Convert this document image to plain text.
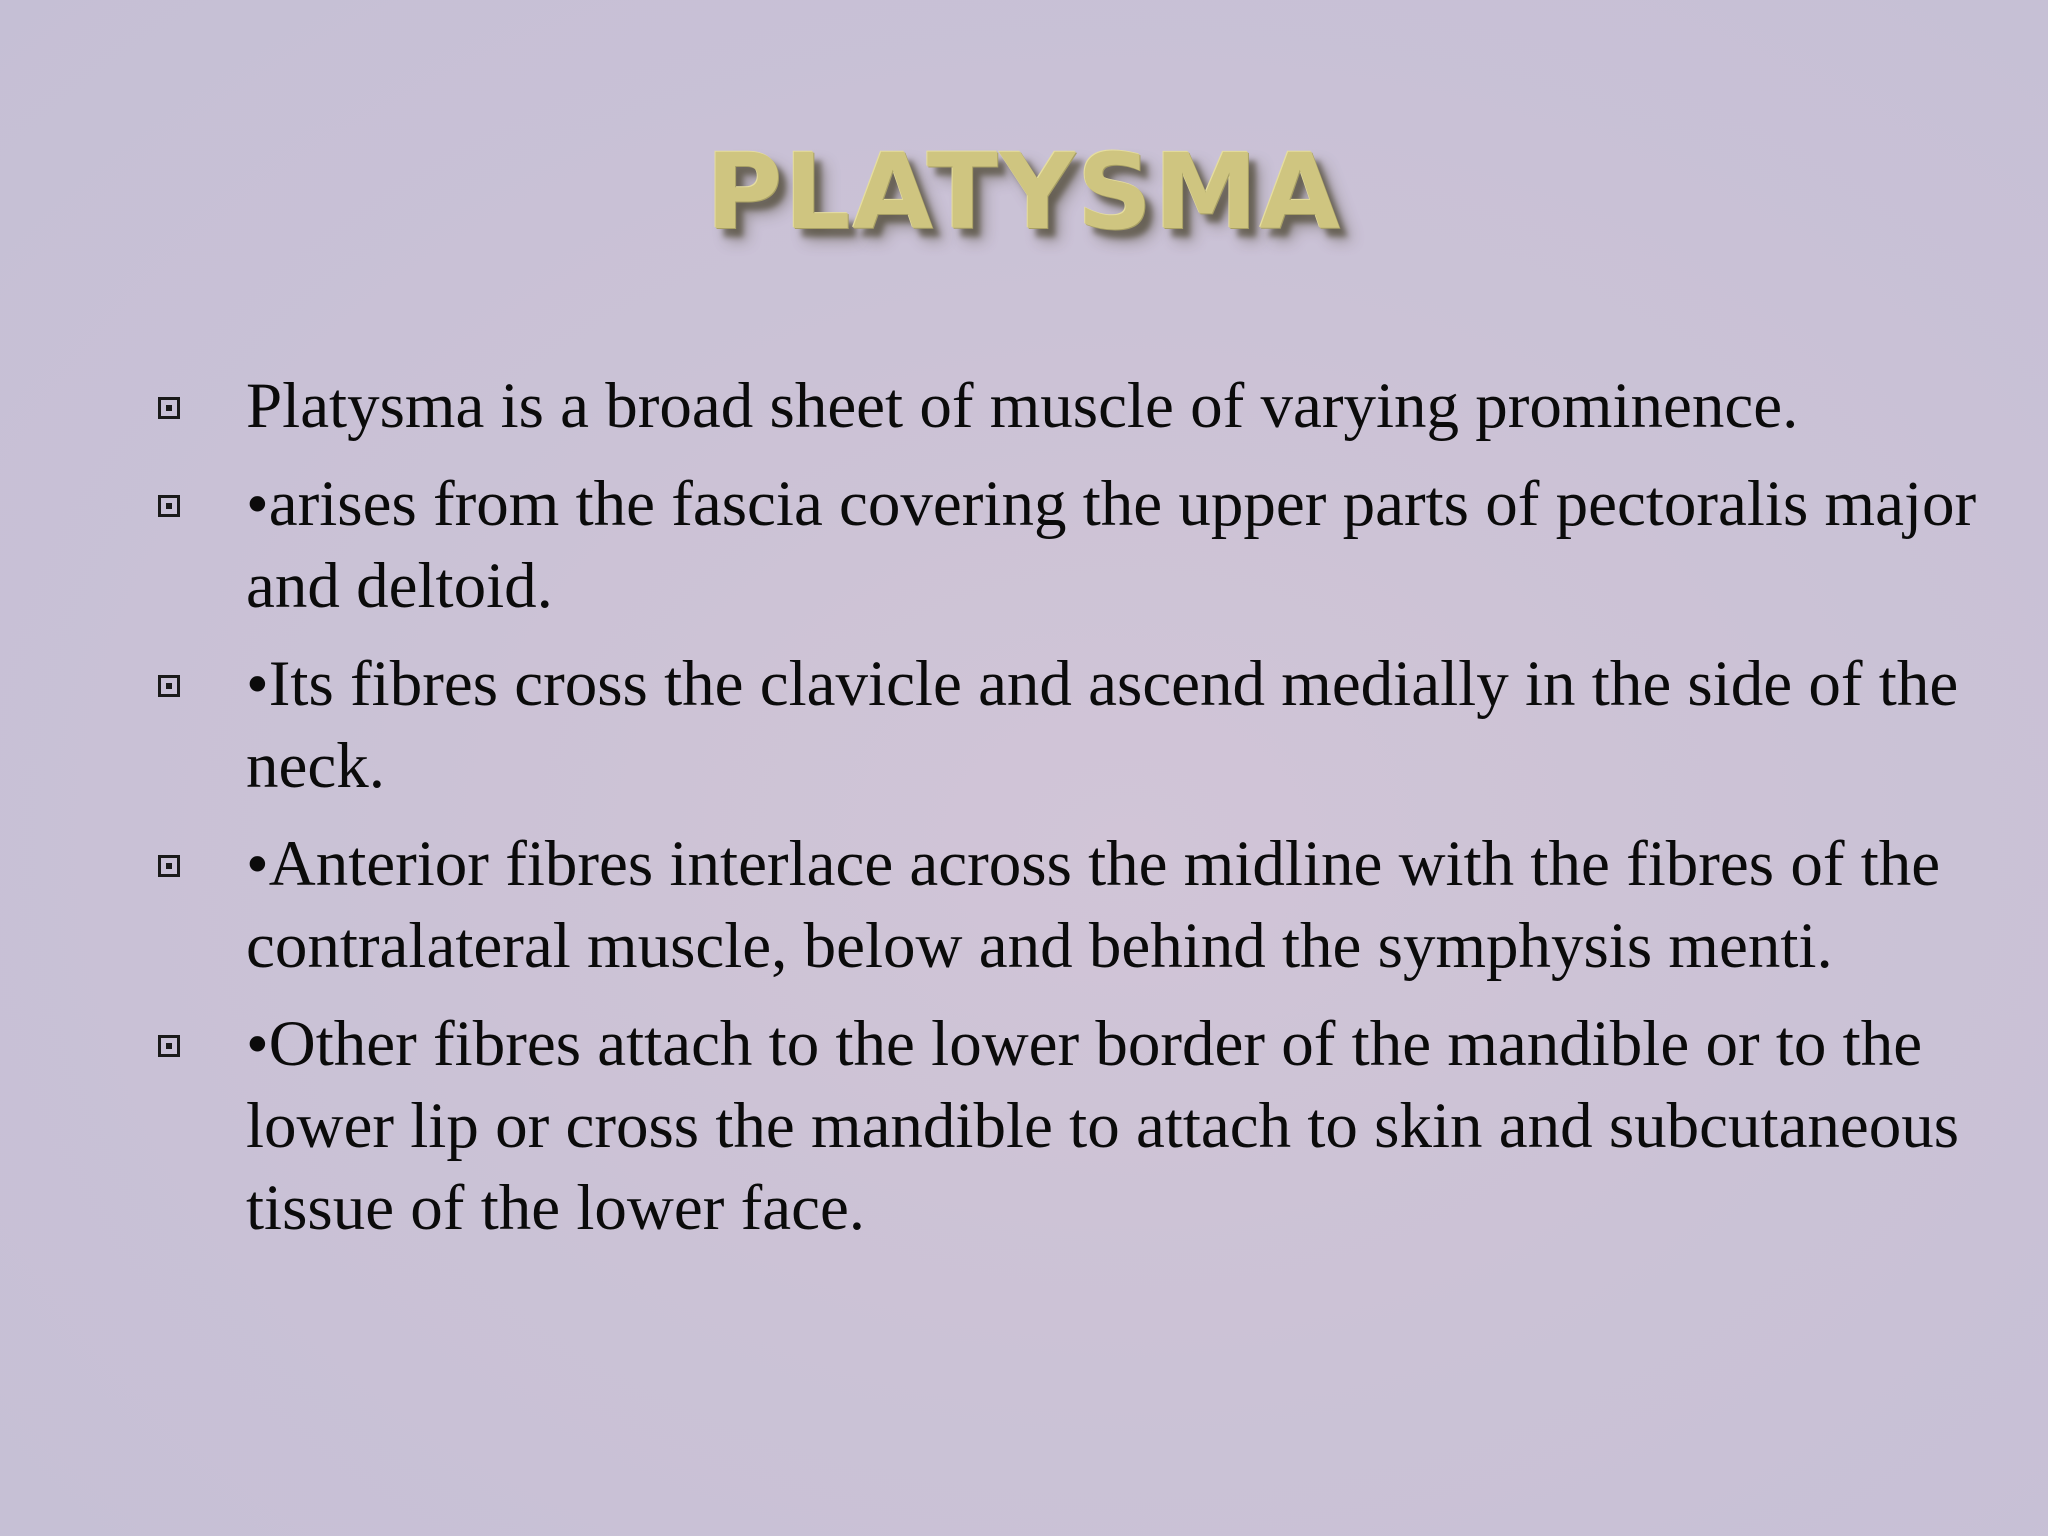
PLATYSMA
Platysma is a broad sheet of muscle of varying prominence.
•arises from the fascia covering the upper parts of pectoralis major and deltoid.
•Its fibres cross the clavicle and ascend medially in the side of the neck.
•Anterior fibres interlace across the midline with the fibres of the contralateral muscle, below and behind the symphysis menti.
•Other fibres attach to the lower border of the mandible or to the lower lip or cross the mandible to attach to skin and subcutaneous tissue of the lower face.
